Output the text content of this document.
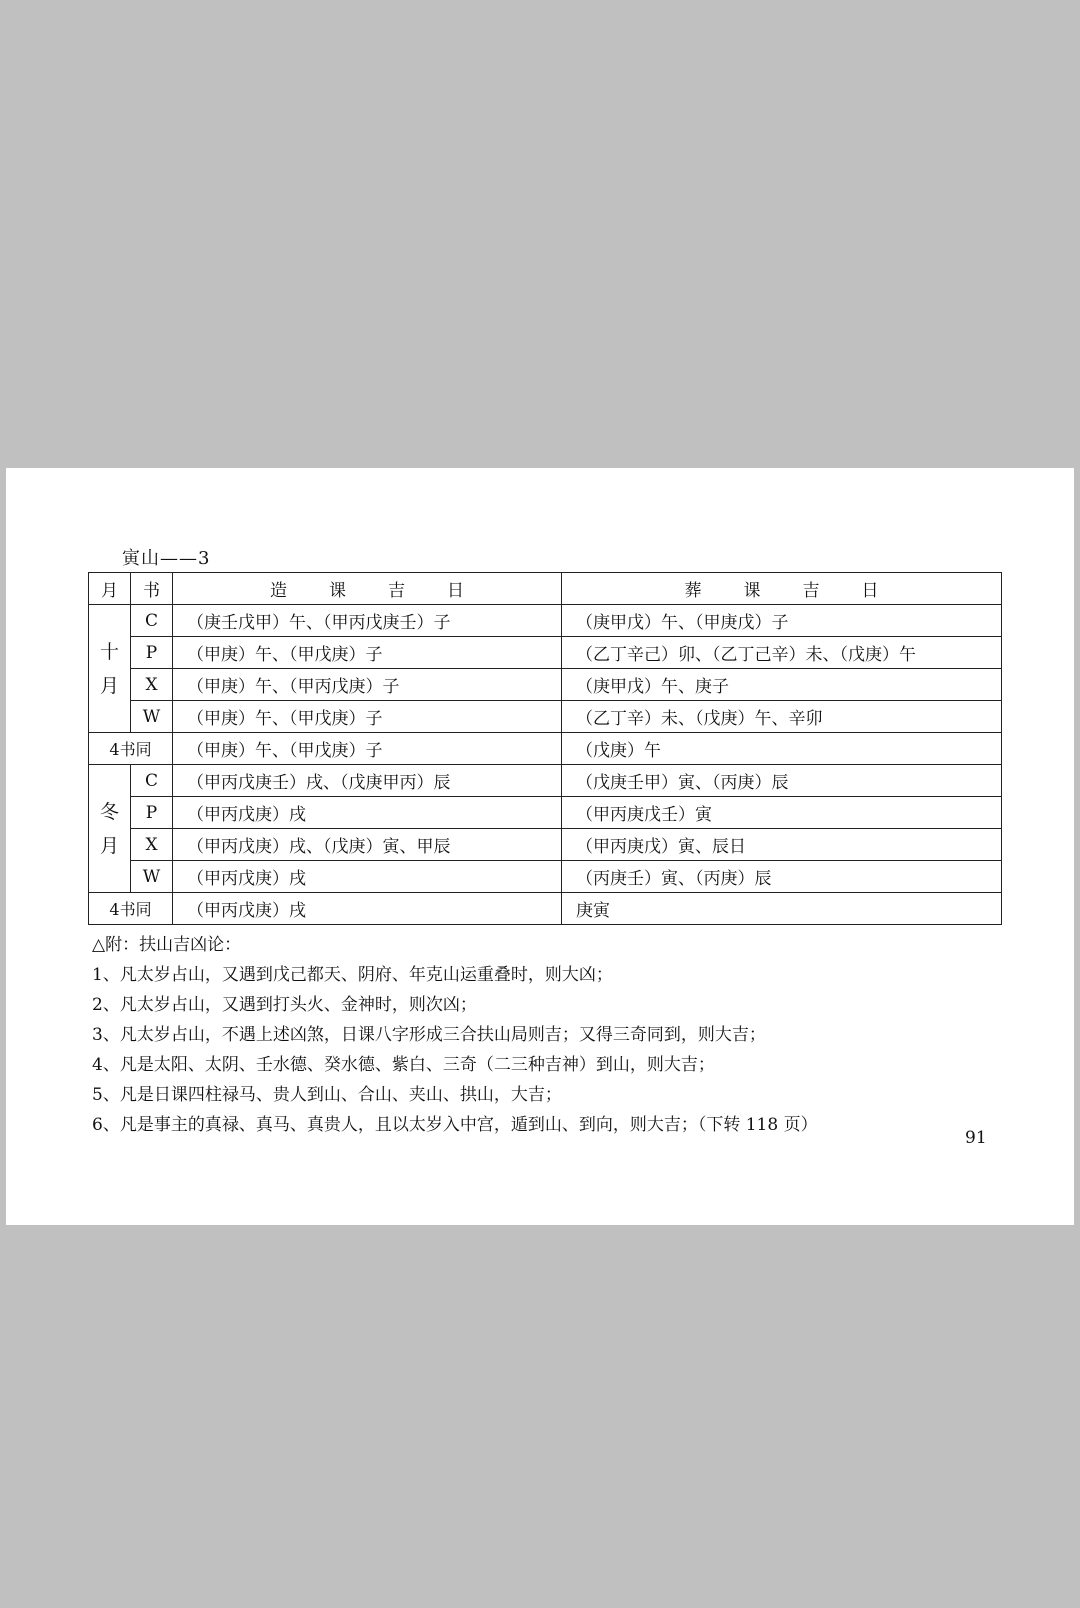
寅山——3
月	书	造课吉日	葬课吉日

十
月	C	（庚壬戊甲）午、（甲丙戊庚壬）子	（庚甲戊）午、（甲庚戊）子
	P	（甲庚）午、（甲戊庚）子	（乙丁辛己）卯、（乙丁己辛）未、（戊庚）午
	X	（甲庚）午、（甲丙戊庚）子	（庚甲戊）午、庚子
	W	（甲庚）午、（甲戊庚）子	（乙丁辛）未、（戊庚）午、辛卯
4书同		（甲庚）午、（甲戊庚）子	（戊庚）午

冬
月	C	（甲丙戊庚壬）戌、（戊庚甲丙）辰	（戊庚壬甲）寅、（丙庚）辰
	P	（甲丙戊庚）戌	（甲丙庚戊壬）寅
	X	（甲丙戊庚）戌、（戊庚）寅、甲辰	（甲丙庚戊）寅、辰日
	W	（甲丙戊庚）戌	（丙庚壬）寅、（丙庚）辰
4书同		（甲丙戊庚）戌	庚寅
△附：扶山吉凶论：
1、凡太岁占山，又遇到戊己都天、阴府、年克山运重叠时，则大凶；
2、凡太岁占山，又遇到打头火、金神时，则次凶；
3、凡太岁占山，不遇上述凶煞，日课八字形成三合扶山局则吉；又得三奇同到，则大吉；
4、凡是太阳、太阴、壬水德、癸水德、紫白、三奇（二三种吉神）到山，则大吉；
5、凡是日课四柱禄马、贵人到山、合山、夹山、拱山，大吉；
6、凡是事主的真禄、真马、真贵人，且以太岁入中宫，遁到山、到向，则大吉；（下转 118 页）
91
